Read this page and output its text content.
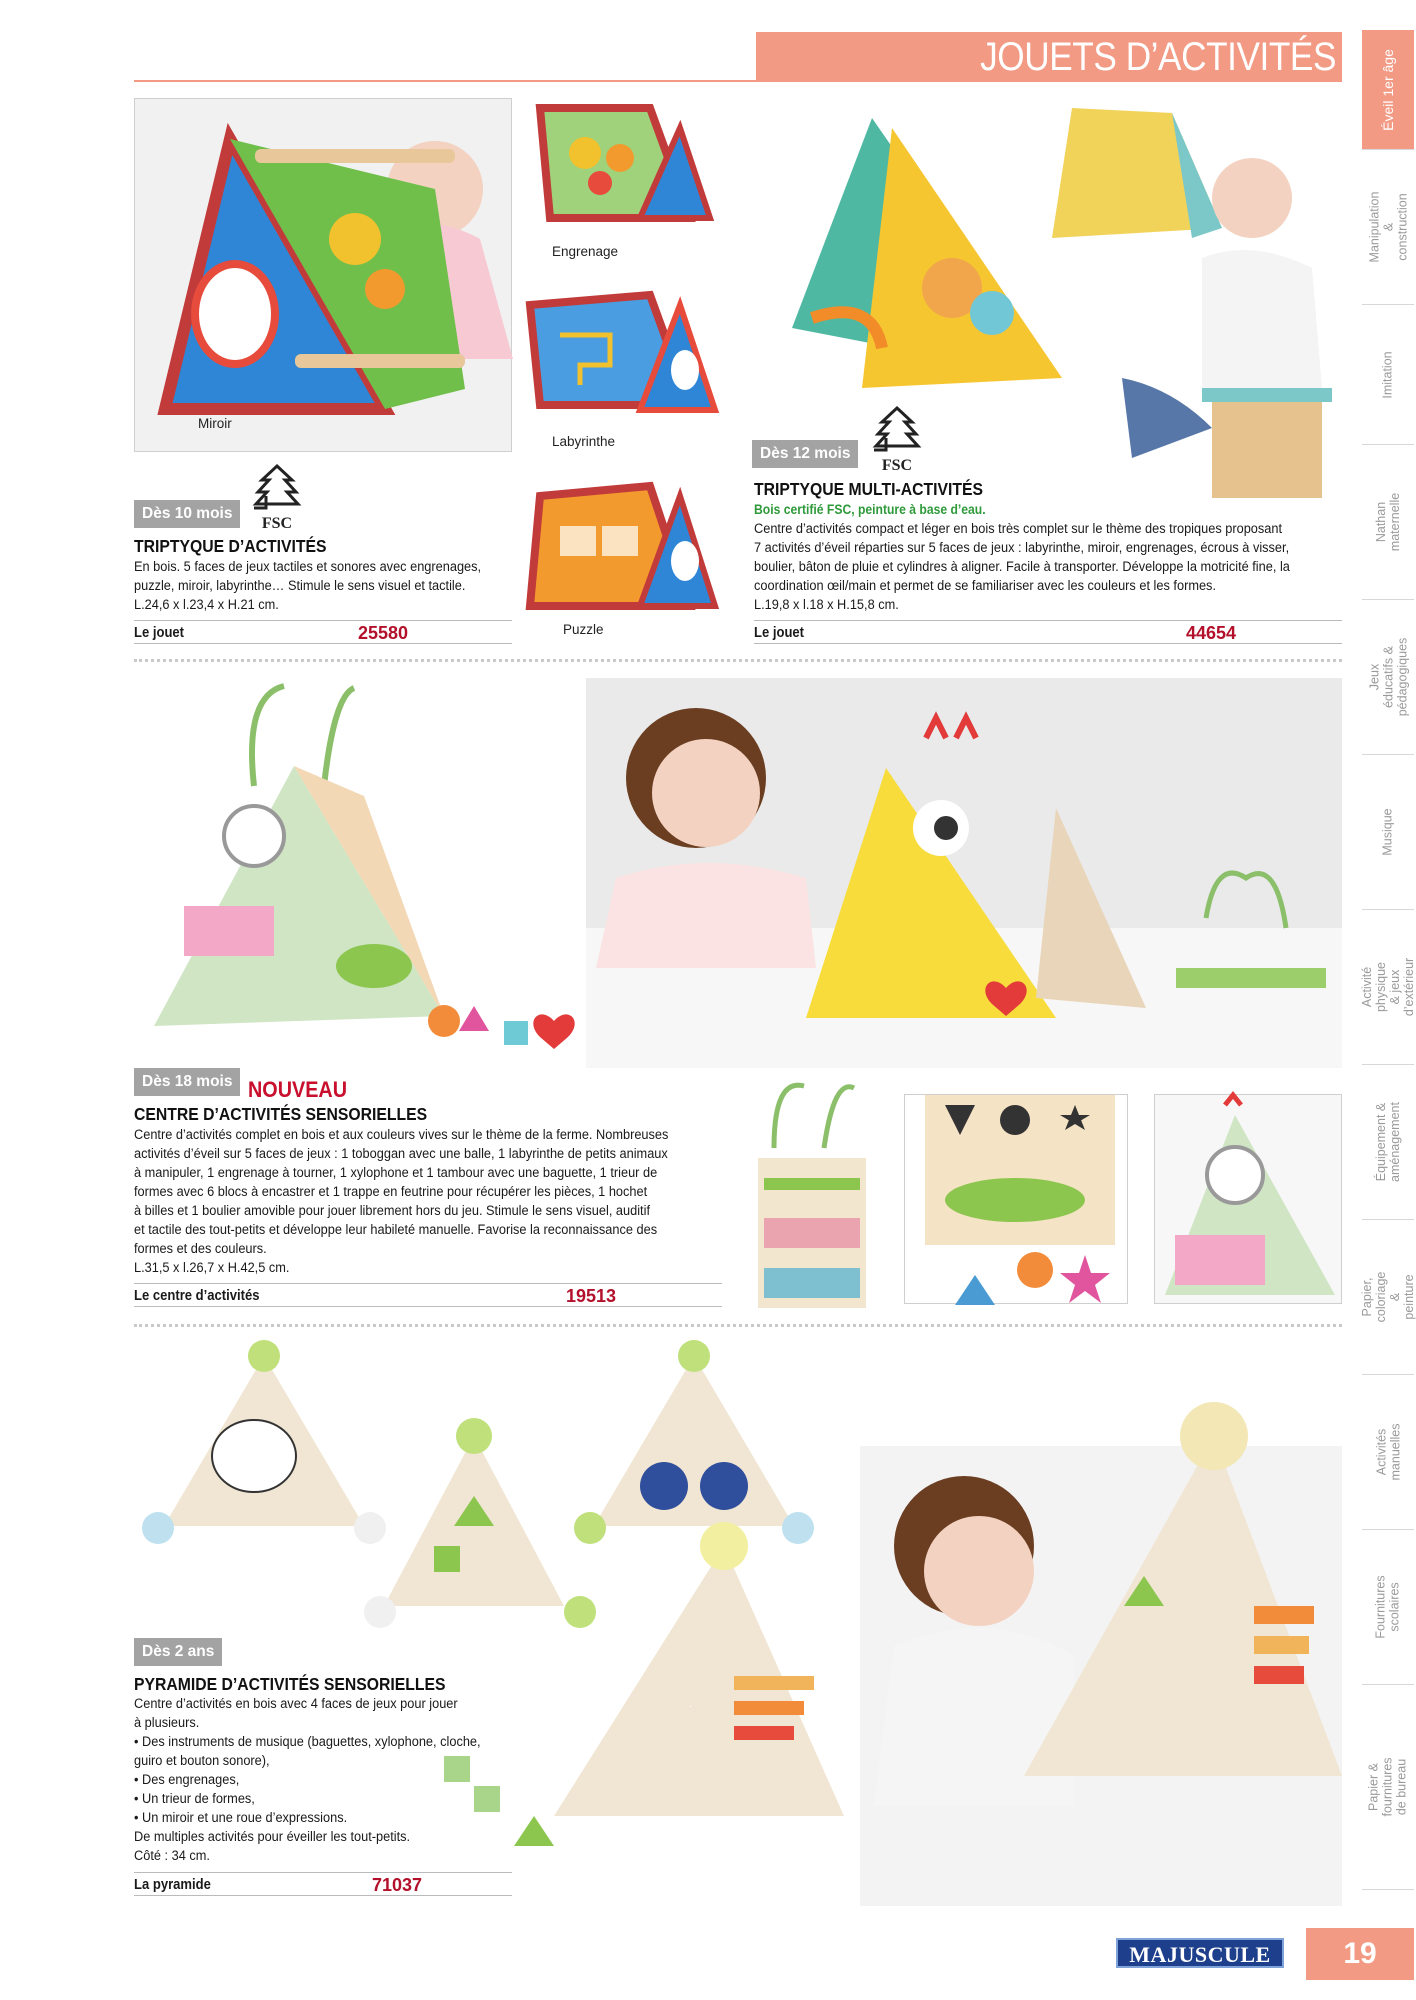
JOUETS D’ACTIVITÉS	Éveil 1er âge
Manipulation & construction
Imitation
Nathan maternelle
Jeux éducatifs & pédagogiques
Musique
Activité physique & jeux d’extérieur
Équipement & aménagement
Papier, coloriage & peinture
Activités manuelles
Fournitures scolaires
Papier & fournitures de bureau
Miroir
Engrenage
Labyrinthe
Puzzle
Dès 10 mois
FSC
TRIPTYQUE D’ACTIVITÉS
En bois. 5 faces de jeux tactiles et sonores avec engrenages,
puzzle, miroir, labyrinthe… Stimule le sens visuel et tactile.
L.24,6 x l.23,4 x H.21 cm.
Le jouet	25580
Dès 12 mois
FSC
TRIPTYQUE MULTI-ACTIVITÉS
Bois certifié FSC, peinture à base d’eau.
Centre d’activités compact et léger en bois très complet sur le thème des tropiques proposant
7 activités d’éveil réparties sur 5 faces de jeux : labyrinthe, miroir, engrenages, écrous à visser,
boulier, bâton de pluie et cylindres à aligner. Facile à transporter. Développe la motricité fine, la
coordination œil/main et permet de se familiariser avec les couleurs et les formes.
L.19,8 x l.18 x H.15,8 cm.
Le jouet	44654
Dès 18 mois NOUVEAU
CENTRE D’ACTIVITÉS SENSORIELLES
Centre d’activités complet en bois et aux couleurs vives sur le thème de la ferme. Nombreuses
activités d’éveil sur 5 faces de jeux : 1 toboggan avec une balle, 1 labyrinthe de petits animaux
à manipuler, 1 engrenage à tourner, 1 xylophone et 1 tambour avec une baguette, 1 trieur de
formes avec 6 blocs à encastrer et 1 trappe en feutrine pour récupérer les pièces, 1 hochet
à billes et 1 boulier amovible pour jouer librement hors du jeu. Stimule le sens visuel, auditif
et tactile des tout-petits et développe leur habileté manuelle. Favorise la reconnaissance des
formes et des couleurs.
L.31,5 x l.26,7 x H.42,5 cm.
Le centre d’activités	19513
Dès 2 ans
PYRAMIDE D’ACTIVITÉS SENSORIELLES
Centre d’activités en bois avec 4 faces de jeux pour jouer
à plusieurs.
• Des instruments de musique (baguettes, xylophone, cloche,
guiro et bouton sonore),
• Des engrenages,
• Un trieur de formes,
• Un miroir et une roue d’expressions.
De multiples activités pour éveiller les tout-petits.
Côté : 34 cm.
La pyramide	71037
MAJUSCULE	19
